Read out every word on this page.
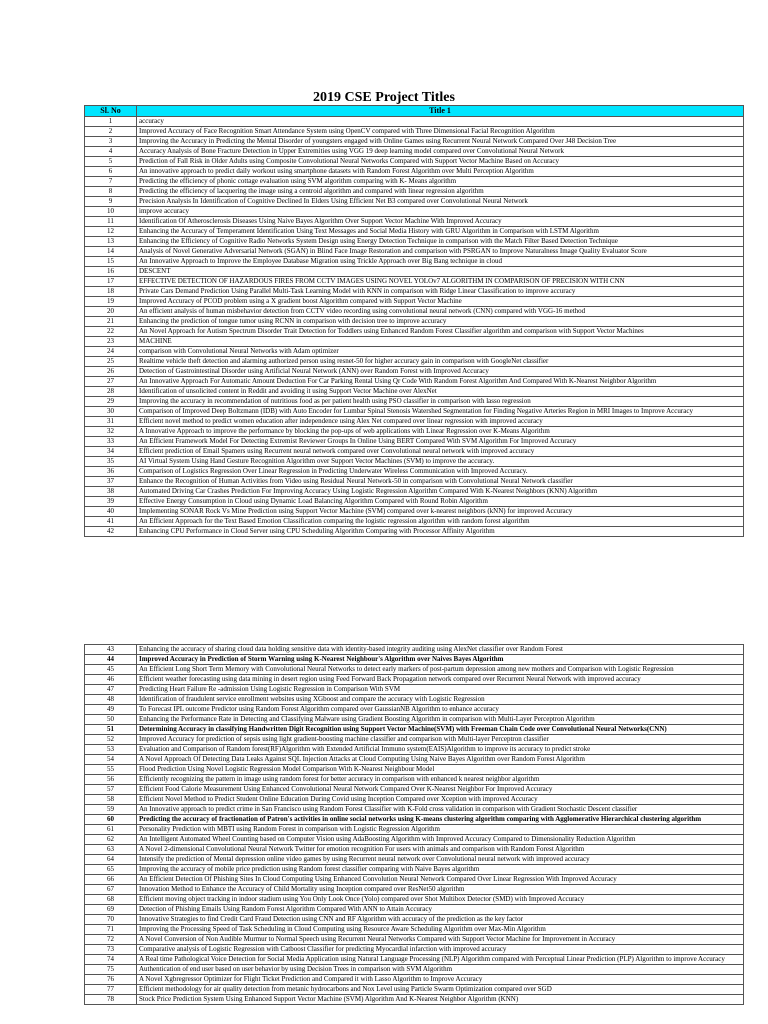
2019 CSE Project Titles
Sl. No	Title 1
1	accuracy
2	Improved Accuracy of Face Recognition Smart Attendance System using OpenCV compared with Three Dimensional Facial Recognition Algorithm
3	Improving the Accuracy in Predicting the Mental Disorder of youngsters engaged with Online Games using Recurrent Neural Network Compared Over J48 Decision Tree
4	Accuracy Analysis of Bone Fracture Detection in Upper Extremities using VGG 19 deep learning model compared over Convolutional Neural Network
5	Prediction of Fall Risk in Older Adults using Composite Convolutional Neural Networks Compared with Support Vector Machine Based on Accuracy
6	An innovative approach to predict daily workout using smartphone datasets with Random Forest Algorithm over Multi Perception Algorithm
7	Predicting the efficiency of phonic cottage evaluation using SVM algorithm comparing with K- Means algorithm
8	Predicting the efficiency of lacquering the image using a centroid algorithm and compared with linear regression algorithm
9	Precision Analysis In Identification of Cognitive Declined In Elders Using Efficient Net B3 compared over Convolutional Neural Network
10	improve accuracy
11	Identification Of Atherosclerosis Diseases Using Naive Bayes Algorithm Over Support Vector Machine With Improved Accuracy
12	Enhancing the Accuracy of Temperament Identification Using Text Messages and Social Media History with GRU Algorithm in Comparison with LSTM Algorithm
13	Enhancing the Efficiency of Cognitive Radio Networks System Design using Energy Detection Technique in comparison with the Match Filter Based Detection Technique
14	Analysis of Novel Generative Adversarial Network (SGAN) in Blind Face Image Restoration and comparison with PSRGAN to Improve Naturalness Image Quality Evaluator Score
15	An Innovative Approach to Improve the Employee Database Migration using Trickle Approach over Big Bang technique in cloud
16	DESCENT
17	EFFECTIVE DETECTION OF HAZARDOUS FIRES FROM CCTV IMAGES USING NOVEL YOLOv7 ALGORITHM IN COMPARISON OF PRECISION WITH CNN
18	Private Cars Demand Prediction Using Parallel Multi-Task Learning Model with KNN in comparison with Ridge Linear Classification to improve accuracy
19	Improved Accuracy of PCOD problem using a X gradient boost Algorithm compared with Support Vector Machine
20	An efficient analysis of human misbehavior detection from CCTV video recording using convolutional neural network (CNN) compared with VGG-16 method
21	Enhancing the prediction of tongue tumor using RCNN in comparison with decision tree to improve accuracy
22	An Novel Approach for Autism Spectrum Disorder Trait Detection for Toddlers using Enhanced Random Forest Classifier algorithm and comparison with Support Vector Machines
23	MACHINE
24	comparison with Convolutional Neural Networks with Adam optimizer
25	Realtime vehicle theft detection and alarming authorized person using resnet-50 for higher accuracy gain in comparison with GoogleNet classifier
26	Detection of Gastrointestinal Disorder using Artificial Neural Network (ANN) over Random Forest with Improved Accuracy
27	An Innovative Approach For Automatic Amount Deduction For Car Parking Rental Using Qr Code With Random Forest Algorithm And Compared With K-Nearest Neighbor Algorithm
28	Identification of unsolicited content in Reddit and avoiding it using Support Vector Machine over AlexNet
29	Improving the accuracy in recommendation of nutritious food as per patient health using PSO classifier in comparison with lasso regression
30	Comparison of Improved Deep Boltzmann (IDB) with Auto Encoder for Lumbar Spinal Stenosis Watershed Segmentation for Finding Negative Arteries Region in MRI Images to Improve Accuracy
31	Efficient novel method to predict women education after independence using Alex Net compared over linear regression with improved accuracy
32	A Innovative Approach to improve the performance by blocking the pop-ups of web applications with Linear Regression over K-Means Algorithm
33	An Efficient Framework Model For Detecting Extremist Reviewer Groups In Online Using BERT Compared With SVM Algorithm For Improved Accuracy
34	Efficient prediction of Email Spamers using Recurrent neural network compared over Convolutional neural network with improved accuracy
35	AI Virtual System Using Hand Gesture Recognition Algorithm over Support Vector Machines (SVM) to improve the accuracy.
36	Comparison of Logistics Regression Over Linear Regression in Predicting Underwater Wireless Communication with Improved Accuracy.
37	Enhance the Recognition of Human Activities from Video using Residual Neural Network-50 in comparison with Convolutional Neural Network classifier
38	Automated Driving Car Crashes Prediction For Improving Accuracy Using Logistic Regression Algorithm Compared With K-Nearest Neighbors (KNN) Algorithm
39	Effective Energy Consumption in Cloud using Dynamic Load Balancing Algorithm Compared with Round Robin Algorithm
40	Implementing SONAR Rock Vs Mine Prediction using Support Vector Machine (SVM) compared over k-nearest neighbors (kNN) for improved Accuracy
41	An Efficient Approach for the Text Based Emotion Classification comparing the logistic regression algorithm with random forest algorithm
42	Enhancing CPU Performance in Cloud Server using CPU Scheduling Algorithm Comparing with Processor Affinity Algorithm
43	Enhancing the accuracy of sharing cloud data holding sensitive data with identity-based integrity auditing using AlexNet classifier over Random Forest
44	Improved Accuracy in Prediction of Storm Warning using K-Nearest Neighbour's Algorithm over Naives Bayes Algorithm
45	An Efficient Long Short Term Memory with Convolutional Neural Networks to detect early markers of post-partum depression among new mothers and Comparison with Logistic Regression
46	Efficient weather forecasting using data mining in desert region using Feed Forward Back Propagation network compared over Recurrent Neural Network with improved accuracy
47	Predicting Heart Failure Re -admission Using Logistic Regression in Comparison With SVM
48	Identification of fraudulent service enrollment websites using XGboost and compare the accuracy with Logistic Regression
49	To Forecast IPL outcome Predictor using Random Forest Algorithm compared over GaussianNB Algorithm to enhance accuracy
50	Enhancing the Performance Rate in Detecting and Classifying Malware using Gradient Boosting Algorithm in comparison with Multi-Layer Perceptron Algorithm
51	Determining Accuracy in classifying Handwritten Digit Recognition using Support Vector Machine(SVM) with Freeman Chain Code over Convolutional Neural Networks(CNN)
52	Improved Accuracy for prediction of sepsis using light gradient-boosting machine classifier and comparison with Multi-layer Perceptron classifier
53	Evaluation and Comparison of Random forest(RF)Algorithm with Extended Artificial Immuno system(EAIS)Algorithm to improve its accuracy to predict stroke
54	A Novel Approach Of Detecting Data Leaks Against SQL Injection Attacks at Cloud Computing Using Naive Bayes Algorithm over Random Forest Algorithm
55	Flood Prediction Using Novel Logistic Regression Model Comparison With K-Nearest Neighbour Model
56	Efficiently recognizing the pattern in image using random forest for better accuracy in comparison with enhanced k nearest neighbor algorithm
57	Efficient Food Calorie Measurement Using Enhanced Convolutional Neural Network Compared Over K-Nearest Neighbor For Improved Accuracy
58	Efficient Novel Method to Predict Student Online Education During Covid using Inception Compared over Xception with improved Accuracy
59	An Innovative approach to predict crime in San Francisco using Random Forest Classifier with K-Fold cross validation in comparison with Gradient Stochastic Descent classifier
60	Predicting the accuracy of fractionation of Patron's activities in online social networks using K-means clustering algorithm comparing with Agglomerative Hierarchical clustering algorithm
61	Personality Prediction with MBTI using Random Forest in comparison with Logistic Regression Algorithm
62	An Intelligent Automated Wheel Counting based on Computer Vision using AdaBoosting Algorithm with Improved Accuracy Compared to Dimensionality Reduction Algorithm
63	A Novel 2-dimensional Convolutional Neural Network Twitter for emotion recognition For users with animals and comparison with Random Forest Algorithm
64	Intensify the prediction of Mental depression online video games by using Recurrent neural network over Convolutional neural network with improved accuracy
65	Improving the accuracy of mobile price prediction using Random forest classifier comparing with Naive Bayes algorithm
66	An Efficient Detection Of Phishing Sites In Cloud Computing Using Enhanced Convolution Neural Network Compared Over Linear Regression With Improved Accuracy
67	Innovation Method to Enhance the Accuracy of Child Mortality using Inception compared over ResNet50 algorithm
68	Efficient moving object tracking in indoor stadium using You Only Look Once (Yolo) compared over Shot Multibox Detector (SMD) with Improved Accuracy
69	Detection of Phishing Emails Using Random Forest Algorithm Compared With ANN to Attain Accuracy
70	Innovative Strategies to find Credit Card Fraud Detection using CNN and RF Algorithm with accuracy of the prediction as the key factor
71	Improving the Processing Speed of Task Scheduling in Cloud Computing using Resource Aware Scheduling Algorithm over Max-Min Algorithm
72	A Novel Conversion of Non Audible Murmur to Normal Speech using Recurrent Neural Networks Compared with Support Vector Machine for Improvement in Accuracy
73	Comparative analysis of Logistic Regression with Catboost Classifier for predicting Myocardial infarction with improved accuracy
74	A Real time Pathological Voice Detection for Social Media Application using Natural Language Processing (NLP) Algorithm compared with Perceptual Linear Prediction (PLP) Algorithm to improve Accuracy
75	Authentication of end user based on user behavior by using Decision Trees in comparison with SVM Algorithm
76	A Novel Xgbregressor Optimizer for Flight Ticket Prediction and Compared it with Lasso Algorithm to Improve Accuracy
77	Efficient methodology for air quality detection from metanic hydrocarbons and Nox Level using Particle Swarm Optimization compared over SGD
78	Stock Price Prediction System Using Enhanced Support Vector Machine (SVM) Algorithm And K-Nearest Neighbor Algorithm (KNN)
